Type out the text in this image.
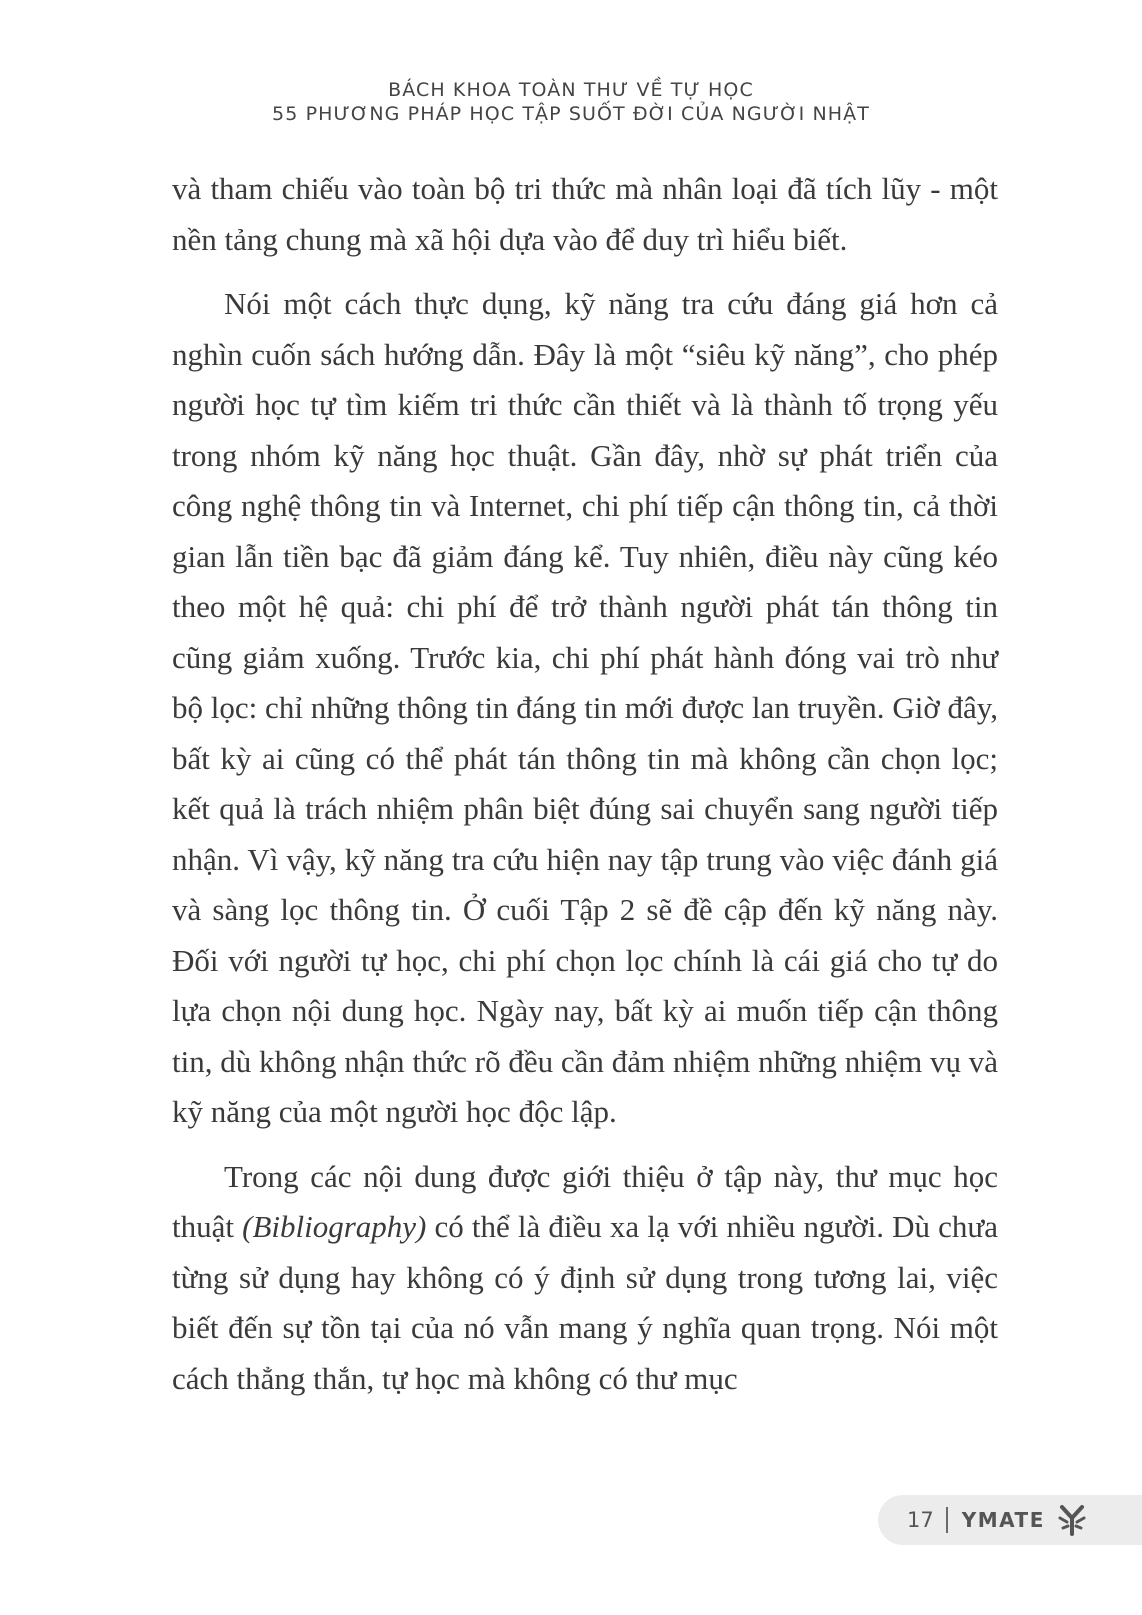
BÁCH KHOA TOÀN THƯ VỀ TỰ HỌC
55 PHƯƠNG PHÁP HỌC TẬP SUỐT ĐỜI CỦA NGƯỜI NHẬT

và tham chiếu vào toàn bộ tri thức mà nhân loại đã tích lũy - một nền tảng chung mà xã hội dựa vào để duy trì hiểu biết.

Nói một cách thực dụng, kỹ năng tra cứu đáng giá hơn cả nghìn cuốn sách hướng dẫn. Đây là một “siêu kỹ năng”, cho phép người học tự tìm kiếm tri thức cần thiết và là thành tố trọng yếu trong nhóm kỹ năng học thuật. Gần đây, nhờ sự phát triển của công nghệ thông tin và Internet, chi phí tiếp cận thông tin, cả thời gian lẫn tiền bạc đã giảm đáng kể. Tuy nhiên, điều này cũng kéo theo một hệ quả: chi phí để trở thành người phát tán thông tin cũng giảm xuống. Trước kia, chi phí phát hành đóng vai trò như bộ lọc: chỉ những thông tin đáng tin mới được lan truyền. Giờ đây, bất kỳ ai cũng có thể phát tán thông tin mà không cần chọn lọc; kết quả là trách nhiệm phân biệt đúng sai chuyển sang người tiếp nhận. Vì vậy, kỹ năng tra cứu hiện nay tập trung vào việc đánh giá và sàng lọc thông tin. Ở cuối Tập 2 sẽ đề cập đến kỹ năng này. Đối với người tự học, chi phí chọn lọc chính là cái giá cho tự do lựa chọn nội dung học. Ngày nay, bất kỳ ai muốn tiếp cận thông tin, dù không nhận thức rõ đều cần đảm nhiệm những nhiệm vụ và kỹ năng của một người học độc lập.

Trong các nội dung được giới thiệu ở tập này, thư mục học thuật (Bibliography) có thể là điều xa lạ với nhiều người. Dù chưa từng sử dụng hay không có ý định sử dụng trong tương lai, việc biết đến sự tồn tại của nó vẫn mang ý nghĩa quan trọng. Nói một cách thẳng thắn, tự học mà không có thư mục

17 YMATE
